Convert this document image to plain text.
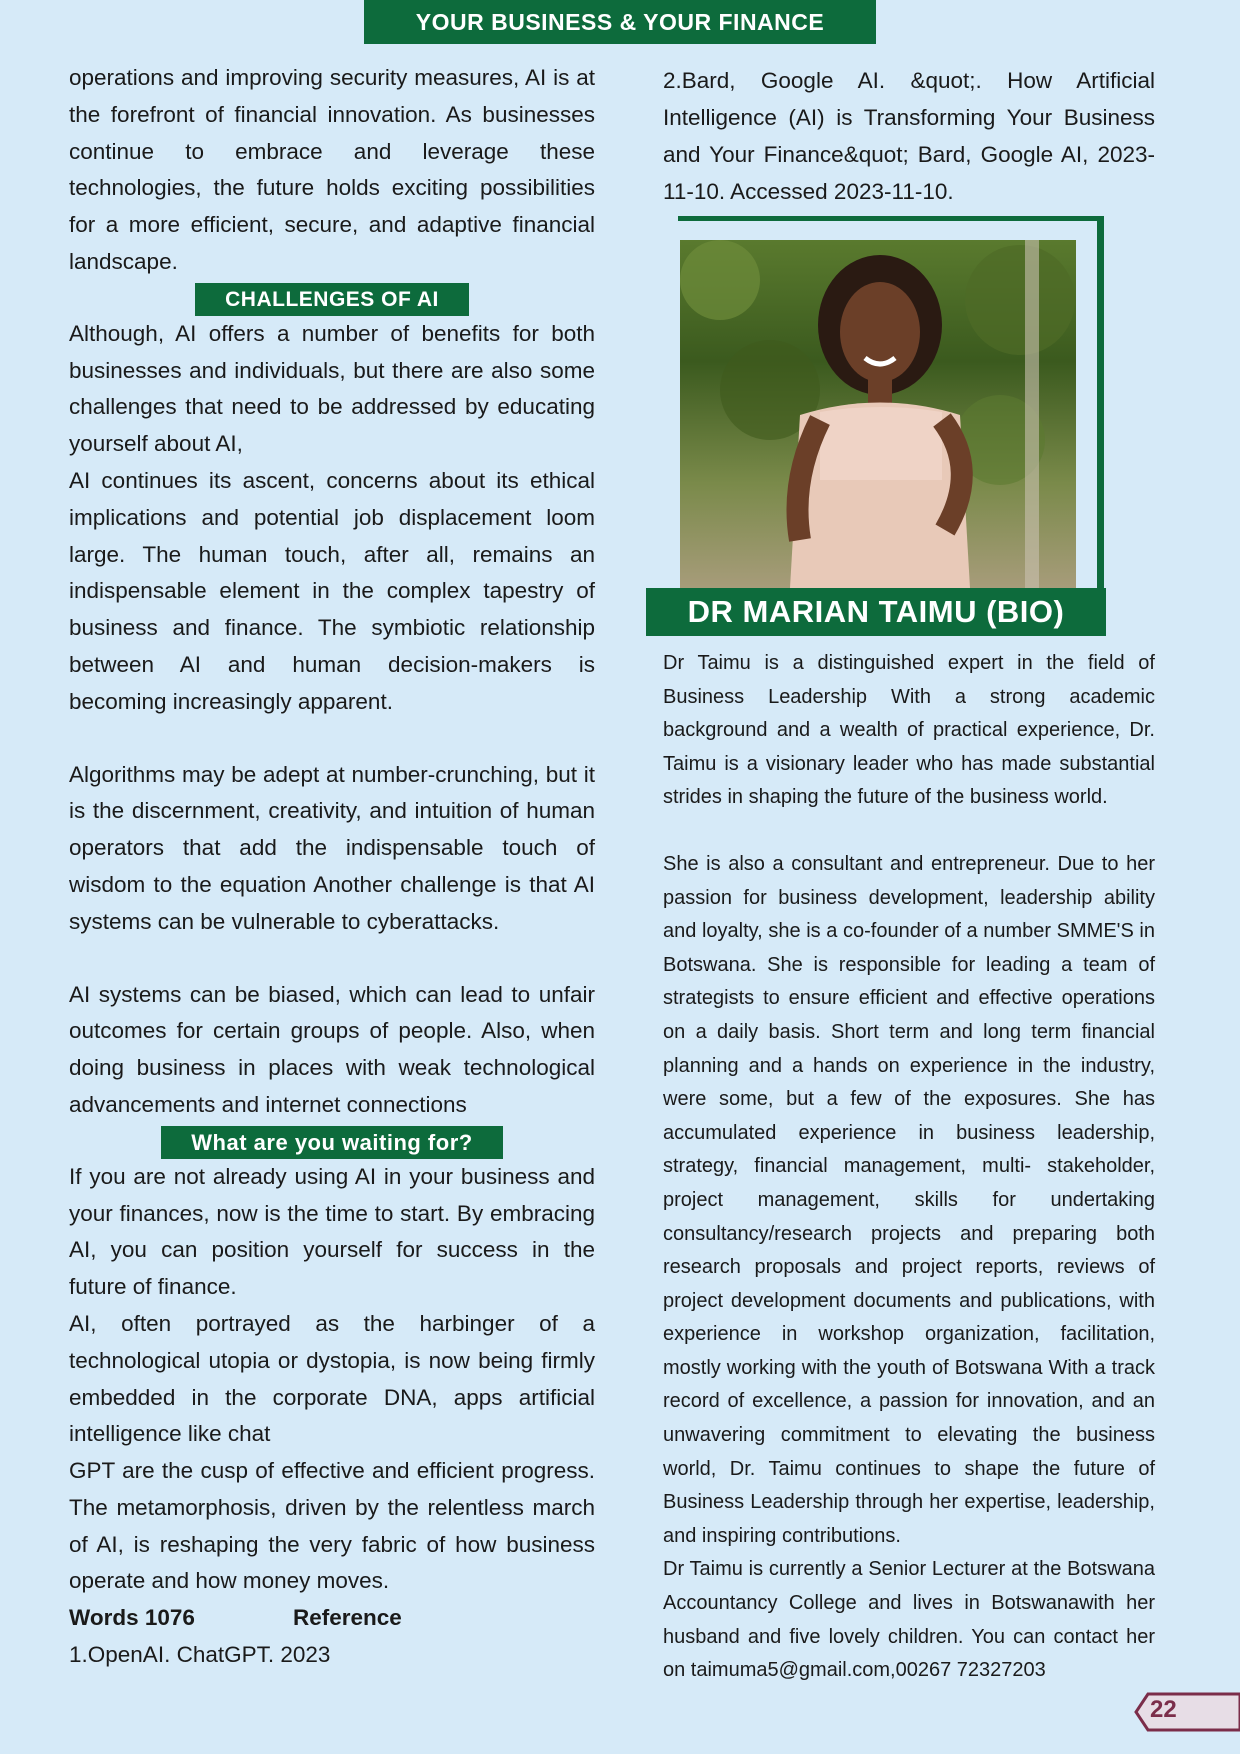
YOUR BUSINESS & YOUR FINANCE

operations and improving security measures, AI is at the forefront of financial innovation. As businesses continue to embrace and leverage these technologies, the future holds exciting possibilities for a more efficient, secure, and adaptive financial landscape.

CHALLENGES OF AI

Although, AI offers a number of benefits for both businesses and individuals, but there are also some challenges that need to be addressed by educating yourself about AI,

AI continues its ascent, concerns about its ethical implications and potential job displacement loom large. The human touch, after all, remains an indispensable element in the complex tapestry of business and finance. The symbiotic relationship between AI and human decision-makers is becoming increasingly apparent.

Algorithms may be adept at number-crunching, but it is the discernment, creativity, and intuition of human operators that add the indispensable touch of wisdom to the equation Another challenge is that AI systems can be vulnerable to cyberattacks.

AI systems can be biased, which can lead to unfair outcomes for certain groups of people. Also, when doing business in places with weak technological advancements and internet connections

What are you waiting for?

If you are not already using AI in your business and your finances, now is the time to start. By embracing AI, you can position yourself for success in the future of finance.

AI, often portrayed as the harbinger of a technological utopia or dystopia, is now being firmly embedded in the corporate DNA, apps artificial intelligence like chat

GPT are the cusp of effective and efficient progress. The metamorphosis, driven by the relentless march of AI, is reshaping the very fabric of how business operate and how money moves.

Words 1076	Reference
1.OpenAI. ChatGPT. 2023

2.Bard, Google AI. &quot;. How Artificial Intelligence (AI) is Transforming Your Business and Your Finance&quot; Bard, Google AI, 2023-11-10. Accessed 2023-11-10.

DR MARIAN TAIMU (BIO)

Dr Taimu is a distinguished expert in the field of Business Leadership With a strong academic background and a wealth of practical experience, Dr. Taimu is a visionary leader who has made substantial strides in shaping the future of the business world.

She is also a consultant and entrepreneur. Due to her passion for business development, leadership ability and loyalty, she is a co-founder of a number SMME'S in Botswana. She is responsible for leading a team of strategists to ensure efficient and effective operations on a daily basis. Short term and long term financial planning and a hands on experience in the industry, were some, but a few of the exposures. She has accumulated experience in business leadership, strategy, financial management, multi- stakeholder, project management, skills for undertaking consultancy/research projects and preparing both research proposals and project reports, reviews of project development documents and publications, with experience in workshop organization, facilitation, mostly working with the youth of Botswana With a track record of excellence, a passion for innovation, and an unwavering commitment to elevating the business world, Dr. Taimu continues to shape the future of Business Leadership through her expertise, leadership, and inspiring contributions.

Dr Taimu is currently a Senior Lecturer at the Botswana Accountancy College and lives in Botswanawith her husband and five lovely children. You can contact her on taimuma5@gmail.com,00267 72327203

22
